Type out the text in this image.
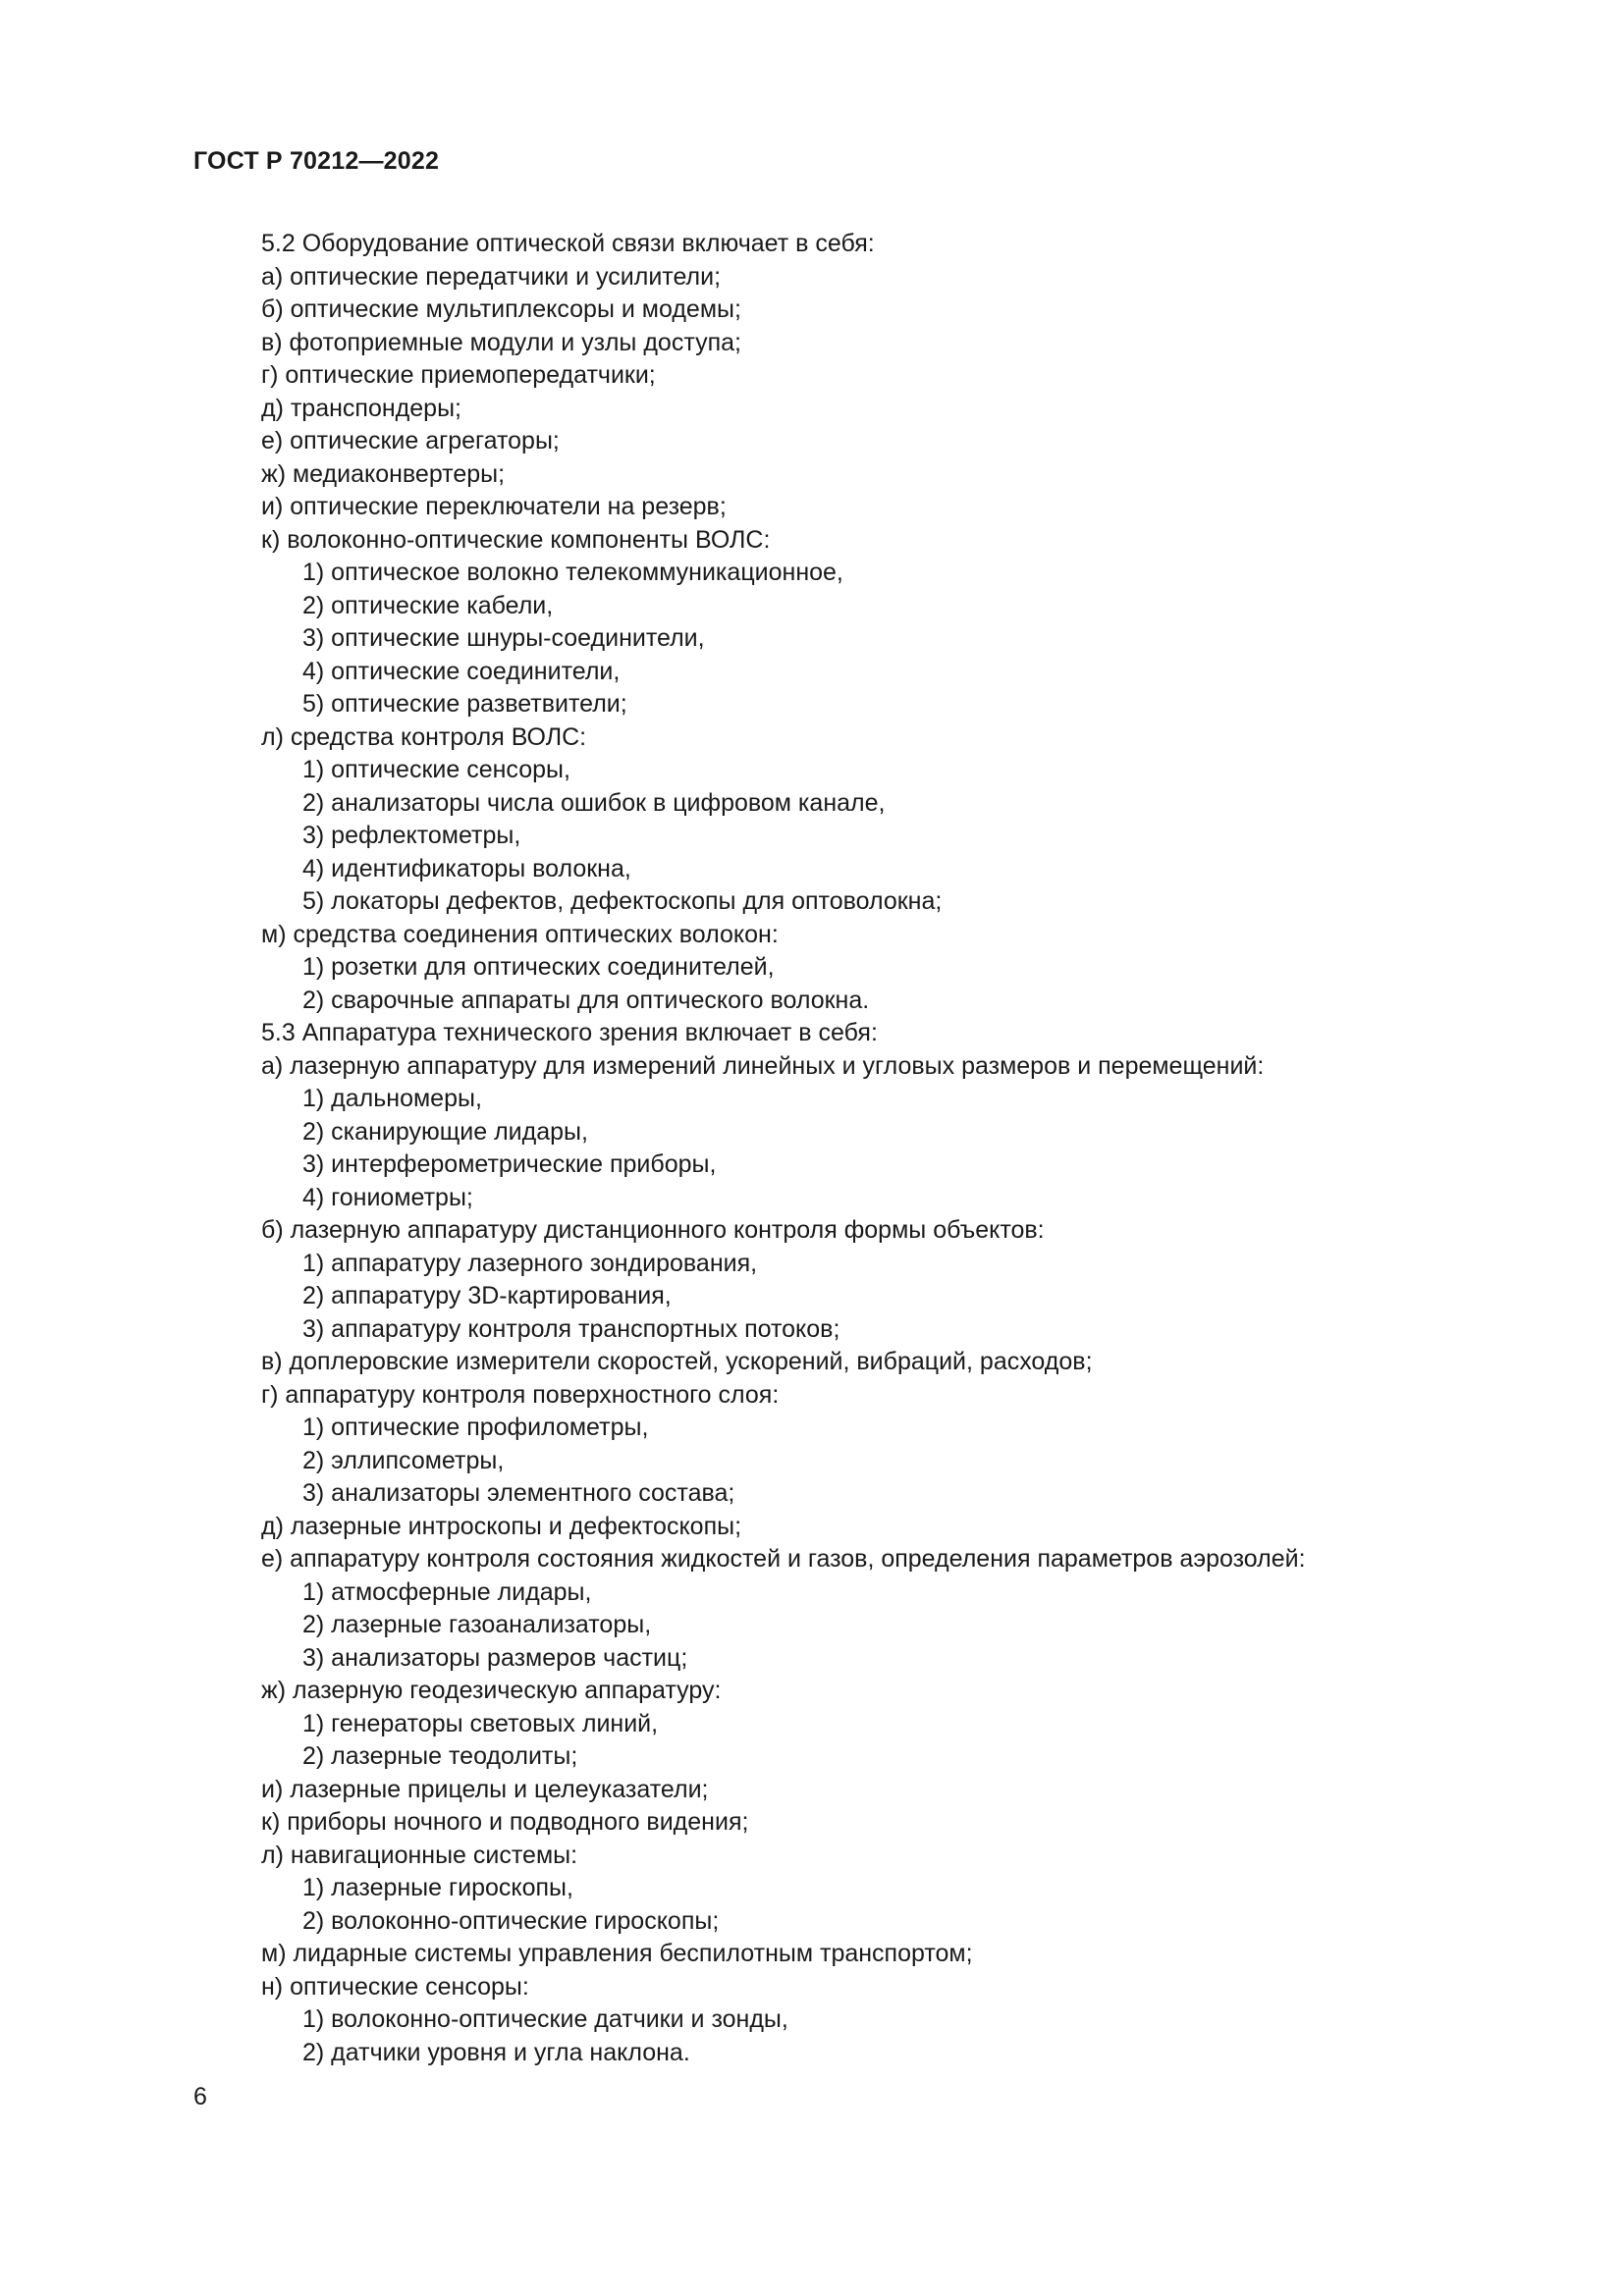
ГОСТ Р 70212—2022
5.2 Оборудование оптической связи включает в себя:
а) оптические передатчики и усилители;
б) оптические мультиплексоры и модемы;
в) фотоприемные модули и узлы доступа;
г) оптические приемопередатчики;
д) транспондеры;
е) оптические агрегаторы;
ж) медиаконвертеры;
и) оптические переключатели на резерв;
к) волоконно-оптические компоненты ВОЛС:
1) оптическое волокно телекоммуникационное,
2) оптические кабели,
3) оптические шнуры-соединители,
4) оптические соединители,
5) оптические разветвители;
л) средства контроля ВОЛС:
1) оптические сенсоры,
2) анализаторы числа ошибок в цифровом канале,
3) рефлектометры,
4) идентификаторы волокна,
5) локаторы дефектов, дефектоскопы для оптоволокна;
м) средства соединения оптических волокон:
1) розетки для оптических соединителей,
2) сварочные аппараты для оптического волокна.
5.3 Аппаратура технического зрения включает в себя:
а) лазерную аппаратуру для измерений линейных и угловых размеров и перемещений:
1) дальномеры,
2) сканирующие лидары,
3) интерферометрические приборы,
4) гониометры;
б) лазерную аппаратуру дистанционного контроля формы объектов:
1) аппаратуру лазерного зондирования,
2) аппаратуру 3D-картирования,
3) аппаратуру контроля транспортных потоков;
в) доплеровские измерители скоростей, ускорений, вибраций, расходов;
г) аппаратуру контроля поверхностного слоя:
1) оптические профилометры,
2) эллипсометры,
3) анализаторы элементного состава;
д) лазерные интроскопы и дефектоскопы;
е) аппаратуру контроля состояния жидкостей и газов, определения параметров аэрозолей:
1) атмосферные лидары,
2) лазерные газоанализаторы,
3) анализаторы размеров частиц;
ж) лазерную геодезическую аппаратуру:
1) генераторы световых линий,
2) лазерные теодолиты;
и) лазерные прицелы и целеуказатели;
к) приборы ночного и подводного видения;
л) навигационные системы:
1) лазерные гироскопы,
2) волоконно-оптические гироскопы;
м) лидарные системы управления беспилотным транспортом;
н) оптические сенсоры:
1) волоконно-оптические датчики и зонды,
2) датчики уровня и угла наклона.
6
